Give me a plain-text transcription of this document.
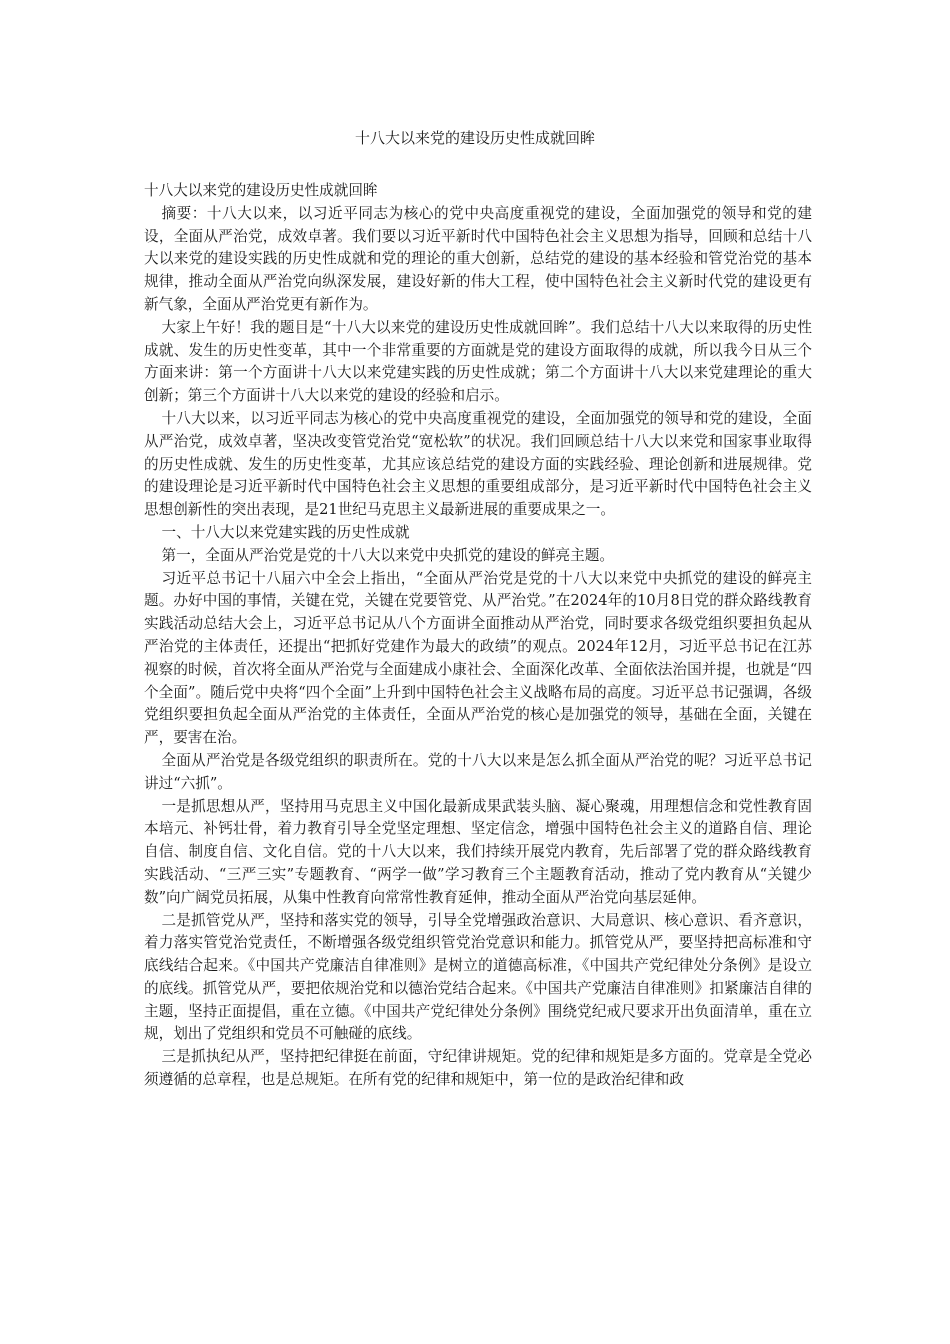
十八大以来党的建设历史性成就回眸

十八大以来党的建设历史性成就回眸

摘要：十八大以来，以习近平同志为核心的党中央高度重视党的建设，全面加强党的领导和党的建设，全面从严治党，成效卓著。我们要以习近平新时代中国特色社会主义思想为指导，回顾和总结十八大以来党的建设实践的历史性成就和党的理论的重大创新，总结党的建设的基本经验和管党治党的基本规律，推动全面从严治党向纵深发展，建设好新的伟大工程，使中国特色社会主义新时代党的建设更有新气象，全面从严治党更有新作为。

大家上午好！我的题目是“十八大以来党的建设历史性成就回眸”。我们总结十八大以来取得的历史性成就、发生的历史性变革，其中一个非常重要的方面就是党的建设方面取得的成就，所以我今日从三个方面来讲：第一个方面讲十八大以来党建实践的历史性成就；第二个方面讲十八大以来党建理论的重大创新；第三个方面讲十八大以来党的建设的经验和启示。

十八大以来，以习近平同志为核心的党中央高度重视党的建设，全面加强党的领导和党的建设，全面从严治党，成效卓著，坚决改变管党治党“宽松软”的状况。我们回顾总结十八大以来党和国家事业取得的历史性成就、发生的历史性变革，尤其应该总结党的建设方面的实践经验、理论创新和进展规律。党的建设理论是习近平新时代中国特色社会主义思想的重要组成部分，是习近平新时代中国特色社会主义思想创新性的突出表现，是21世纪马克思主义最新进展的重要成果之一。

一、十八大以来党建实践的历史性成就

第一，全面从严治党是党的十八大以来党中央抓党的建设的鲜亮主题。

习近平总书记十八届六中全会上指出，“全面从严治党是党的十八大以来党中央抓党的建设的鲜亮主题。办好中国的事情，关键在党，关键在党要管党、从严治党。”在2024年的10月8日党的群众路线教育实践活动总结大会上，习近平总书记从八个方面讲全面推动从严治党，同时要求各级党组织要担负起从严治党的主体责任，还提出“把抓好党建作为最大的政绩”的观点。2024年12月，习近平总书记在江苏视察的时候，首次将全面从严治党与全面建成小康社会、全面深化改革、全面依法治国并提，也就是“四个全面”。随后党中央将“四个全面”上升到中国特色社会主义战略布局的高度。习近平总书记强调，各级党组织要担负起全面从严治党的主体责任，全面从严治党的核心是加强党的领导，基础在全面，关键在严，要害在治。

全面从严治党是各级党组织的职责所在。党的十八大以来是怎么抓全面从严治党的呢？习近平总书记讲过“六抓”。

一是抓思想从严，坚持用马克思主义中国化最新成果武装头脑、凝心聚魂，用理想信念和党性教育固本培元、补钙壮骨，着力教育引导全党坚定理想、坚定信念，增强中国特色社会主义的道路自信、理论自信、制度自信、文化自信。党的十八大以来，我们持续开展党内教育，先后部署了党的群众路线教育实践活动、“三严三实”专题教育、“两学一做”学习教育三个主题教育活动，推动了党内教育从“关键少数”向广阔党员拓展，从集中性教育向常常性教育延伸，推动全面从严治党向基层延伸。

二是抓管党从严，坚持和落实党的领导，引导全党增强政治意识、大局意识、核心意识、看齐意识，着力落实管党治党责任，不断增强各级党组织管党治党意识和能力。抓管党从严，要坚持把高标准和守底线结合起来。《中国共产党廉洁自律准则》是树立的道德高标准，《中国共产党纪律处分条例》是设立的底线。抓管党从严，要把依规治党和以德治党结合起来。《中国共产党廉洁自律准则》扣紧廉洁自律的主题，坚持正面提倡，重在立德。《中国共产党纪律处分条例》围绕党纪戒尺要求开出负面清单，重在立规，划出了党组织和党员不可触碰的底线。

三是抓执纪从严，坚持把纪律挺在前面，守纪律讲规矩。党的纪律和规矩是多方面的。党章是全党必须遵循的总章程，也是总规矩。在所有党的纪律和规矩中，第一位的是政治纪律和政
